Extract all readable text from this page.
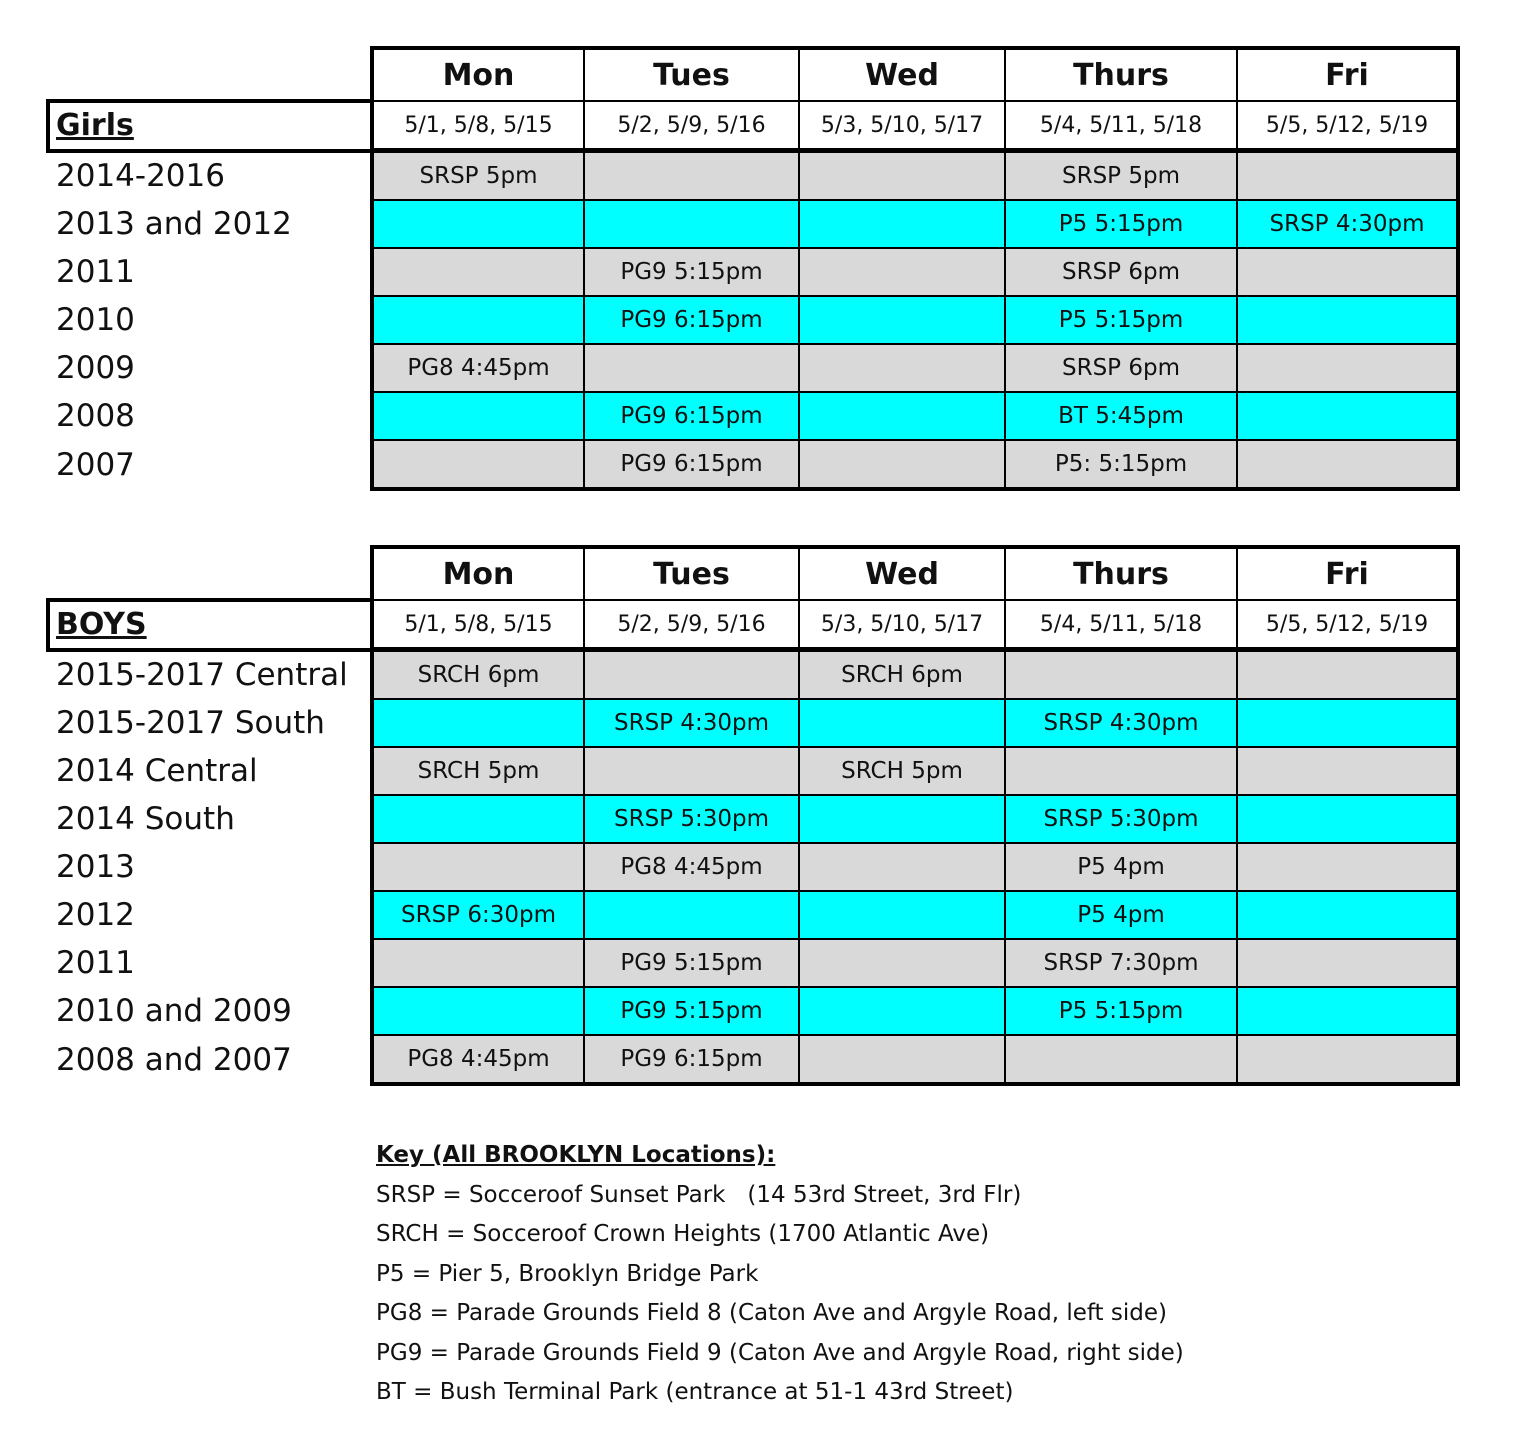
	Mon	Tues	Wed	Thurs	Fri
Girls	5/1, 5/8, 5/15	5/2, 5/9, 5/16	5/3, 5/10, 5/17	5/4, 5/11, 5/18	5/5, 5/12, 5/19
2014-2016	SRSP 5pm			SRSP 5pm	
2013 and 2012				P5 5:15pm	SRSP 4:30pm
2011		PG9 5:15pm		SRSP 6pm	
2010		PG9 6:15pm		P5 5:15pm	
2009	PG8 4:45pm			SRSP 6pm	
2008		PG9 6:15pm		BT 5:45pm	
2007		PG9 6:15pm		P5: 5:15pm	
	Mon	Tues	Wed	Thurs	Fri
BOYS	5/1, 5/8, 5/15	5/2, 5/9, 5/16	5/3, 5/10, 5/17	5/4, 5/11, 5/18	5/5, 5/12, 5/19
2015-2017 Central	SRCH 6pm		SRCH 6pm		
2015-2017 South		SRSP 4:30pm		SRSP 4:30pm	
2014 Central	SRCH 5pm		SRCH 5pm		
2014 South		SRSP 5:30pm		SRSP 5:30pm	
2013		PG8 4:45pm		P5 4pm	
2012	SRSP 6:30pm			P5 4pm	
2011		PG9 5:15pm		SRSP 7:30pm	
2010 and 2009		PG9 5:15pm		P5 5:15pm	
2008 and 2007	PG8 4:45pm	PG9 6:15pm			
Key (All BROOKLYN Locations):
SRSP = Socceroof Sunset Park   (14 53rd Street, 3rd Flr)
SRCH = Socceroof Crown Heights (1700 Atlantic Ave)
P5 = Pier 5, Brooklyn Bridge Park
PG8 = Parade Grounds Field 8 (Caton Ave and Argyle Road, left side)
PG9 = Parade Grounds Field 9 (Caton Ave and Argyle Road, right side)
BT = Bush Terminal Park (entrance at 51-1 43rd Street)
